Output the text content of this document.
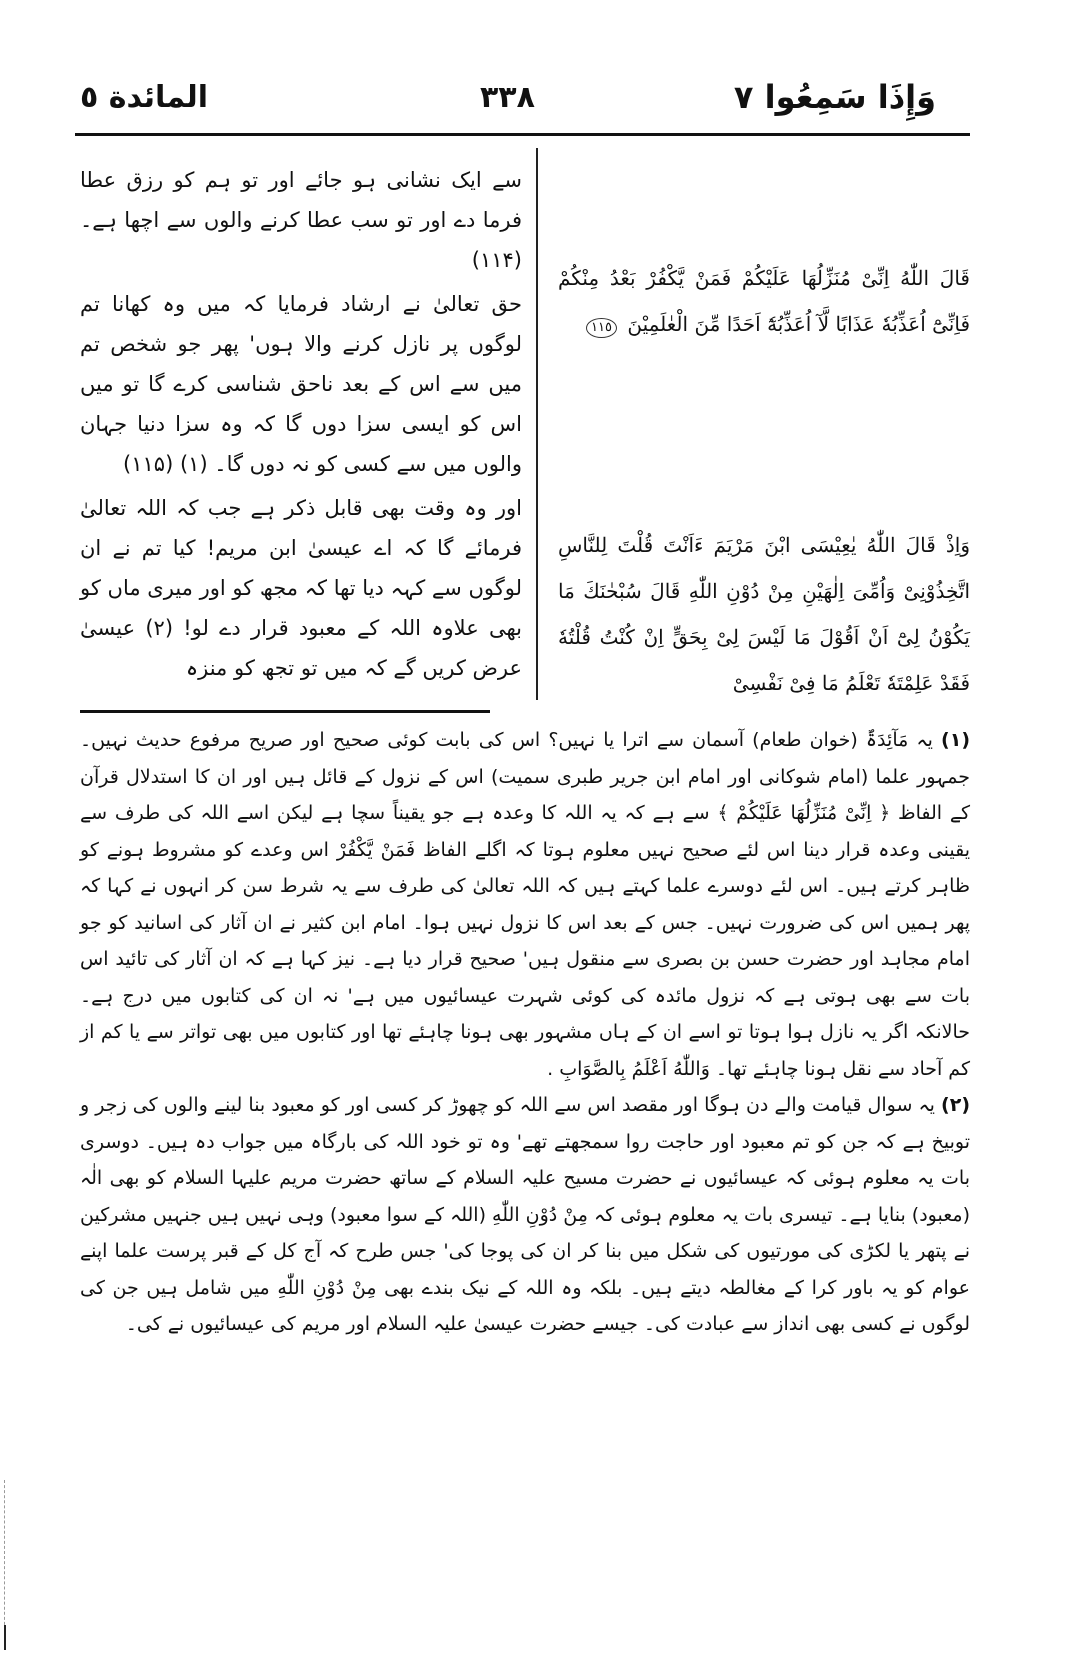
المائدة ٥	٣٣٨	وَإِذَا سَمِعُوا ٧

سے ایک نشانی ہو جائے اور تو ہم کو رزق عطا فرما دے اور تو سب عطا کرنے والوں سے اچھا ہے۔(۱۱۴)

حق تعالیٰ نے ارشاد فرمایا کہ میں وہ کھانا تم لوگوں پر نازل کرنے والا ہوں' پھر جو شخص تم میں سے اس کے بعد ناحق شناسی کرے گا تو میں اس کو ایسی سزا دوں گا کہ وہ سزا دنیا جہان والوں میں سے کسی کو نہ دوں گا۔ (۱) (۱۱۵)

اور وہ وقت بھی قابل ذکر ہے جب کہ اللہ تعالیٰ فرمائے گا کہ اے عیسیٰ ابن مریم! کیا تم نے ان لوگوں سے کہہ دیا تھا کہ مجھ کو اور میری ماں کو بھی علاوہ اللہ کے معبود قرار دے لو! (۲) عیسیٰ عرض کریں گے کہ میں تو تجھ کو منزہ

قَالَ اللّٰهُ اِنِّیْ مُنَزِّلُهَا عَلَیْكُمْ فَمَنْ یَّكْفُرْ بَعْدُ مِنْكُمْ فَاِنِّیْٓ اُعَذِّبُهٗ عَذَابًا لَّآ اُعَذِّبُهٗٓ اَحَدًا مِّنَ الْعٰلَمِیْنَ ١١٥
وَاِذْ قَالَ اللّٰهُ یٰعِیْسَی ابْنَ مَرْیَمَ ءَاَنْتَ قُلْتَ لِلنَّاسِ اتَّخِذُوْنِیْ وَاُمِّیَ اِلٰهَیْنِ مِنْ دُوْنِ اللّٰهِ قَالَ سُبْحٰنَكَ مَا یَكُوْنُ لِیْٓ اَنْ اَقُوْلَ مَا لَیْسَ لِیْ بِحَقٍّ اِنْ كُنْتُ قُلْتُهٗ فَقَدْ عَلِمْتَهٗ تَعْلَمُ مَا فِیْ نَفْسِیْ

(۱) یہ مَآئِدَۃٌ (خوان طعام) آسمان سے اترا یا نہیں؟ اس کی بابت کوئی صحیح اور صریح مرفوع حدیث نہیں۔ جمہور علما (امام شوکانی اور امام ابن جریر طبری سمیت) اس کے نزول کے قائل ہیں اور ان کا استدلال قرآن کے الفاظ ﴿ اِنِّیْ مُنَزِّلُهَا عَلَیْكُمْ ﴾ سے ہے کہ یہ اللہ کا وعدہ ہے جو یقیناً سچا ہے لیکن اسے اللہ کی طرف سے یقینی وعدہ قرار دینا اس لئے صحیح نہیں معلوم ہوتا کہ اگلے الفاظ فَمَنْ یَّكْفُرْ اس وعدے کو مشروط ہونے کو ظاہر کرتے ہیں۔ اس لئے دوسرے علما کہتے ہیں کہ اللہ تعالیٰ کی طرف سے یہ شرط سن کر انہوں نے کہا کہ پھر ہمیں اس کی ضرورت نہیں۔ جس کے بعد اس کا نزول نہیں ہوا۔ امام ابن کثیر نے ان آثار کی اسانید کو جو امام مجاہد اور حضرت حسن بن بصری سے منقول ہیں' صحیح قرار دیا ہے۔ نیز کہا ہے کہ ان آثار کی تائید اس بات سے بھی ہوتی ہے کہ نزول مائدہ کی کوئی شہرت عیسائیوں میں ہے' نہ ان کی کتابوں میں درج ہے۔ حالانکہ اگر یہ نازل ہوا ہوتا تو اسے ان کے ہاں مشہور بھی ہونا چاہئے تھا اور کتابوں میں بھی تواتر سے یا کم از کم آحاد سے نقل ہونا چاہئے تھا۔ وَاللّٰهُ اَعْلَمُ بِالصَّوَابِ .

(۲) یہ سوال قیامت والے دن ہوگا اور مقصد اس سے اللہ کو چھوڑ کر کسی اور کو معبود بنا لینے والوں کی زجر و توبیخ ہے کہ جن کو تم معبود اور حاجت روا سمجھتے تھے' وہ تو خود اللہ کی بارگاہ میں جواب دہ ہیں۔ دوسری بات یہ معلوم ہوئی کہ عیسائیوں نے حضرت مسیح علیہ السلام کے ساتھ حضرت مریم علیہا السلام کو بھی الٰہ (معبود) بنایا ہے۔ تیسری بات یہ معلوم ہوئی کہ مِنْ دُوْنِ اللّٰهِ (اللہ کے سوا معبود) وہی نہیں ہیں جنہیں مشرکین نے پتھر یا لکڑی کی مورتیوں کی شکل میں بنا کر ان کی پوجا کی' جس طرح کہ آج کل کے قبر پرست علما اپنے عوام کو یہ باور کرا کے مغالطہ دیتے ہیں۔ بلکہ وہ اللہ کے نیک بندے بھی مِنْ دُوْنِ اللّٰهِ میں شامل ہیں جن کی لوگوں نے کسی بھی انداز سے عبادت کی۔ جیسے حضرت عیسیٰ علیہ السلام اور مریم کی عیسائیوں نے کی۔
